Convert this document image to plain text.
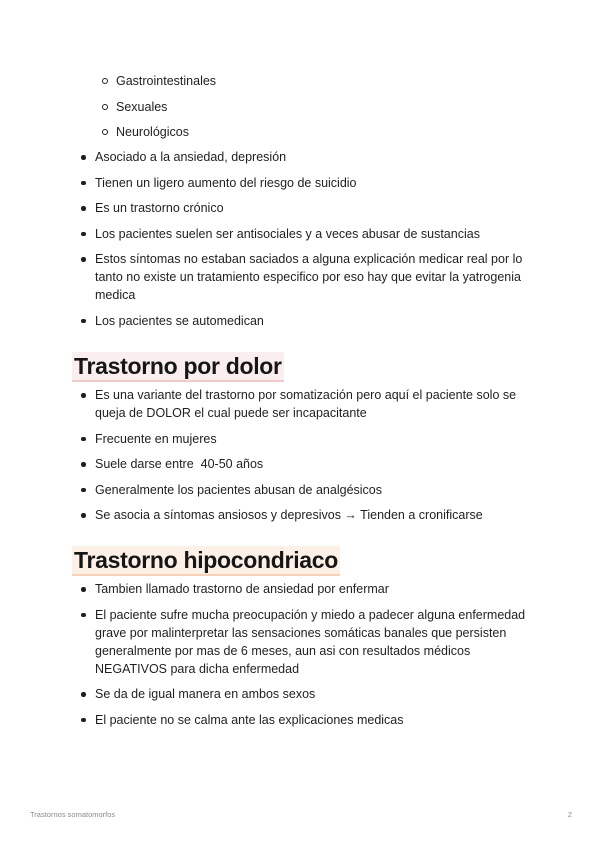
Gastrointestinales
Sexuales
Neurológicos
Asociado a la ansiedad, depresión
Tienen un ligero aumento del riesgo de suicidio
Es un trastorno crónico
Los pacientes suelen ser antisociales y a veces abusar de sustancias
Estos síntomas no estaban saciados a alguna explicación medicar real por lo tanto no existe un tratamiento especifico por eso hay que evitar la yatrogenia medica
Los pacientes se automedican
Trastorno por dolor
Es una variante del trastorno por somatización pero aquí el paciente solo se queja de DOLOR el cual puede ser incapacitante
Frecuente en mujeres
Suele darse entre  40-50 años
Generalmente los pacientes abusan de analgésicos
Se asocia a síntomas ansiosos y depresivos → Tienden a cronificarse
Trastorno hipocondriaco
Tambien llamado trastorno de ansiedad por enfermar
El paciente sufre mucha preocupación y miedo a padecer alguna enfermedad grave por malinterpretar las sensaciones somáticas banales que persisten generalmente por mas de 6 meses, aun asi con resultados médicos NEGATIVOS para dicha enfermedad
Se da de igual manera en ambos sexos
El paciente no se calma ante las explicaciones medicas
Trastornos somatomorfos	2
